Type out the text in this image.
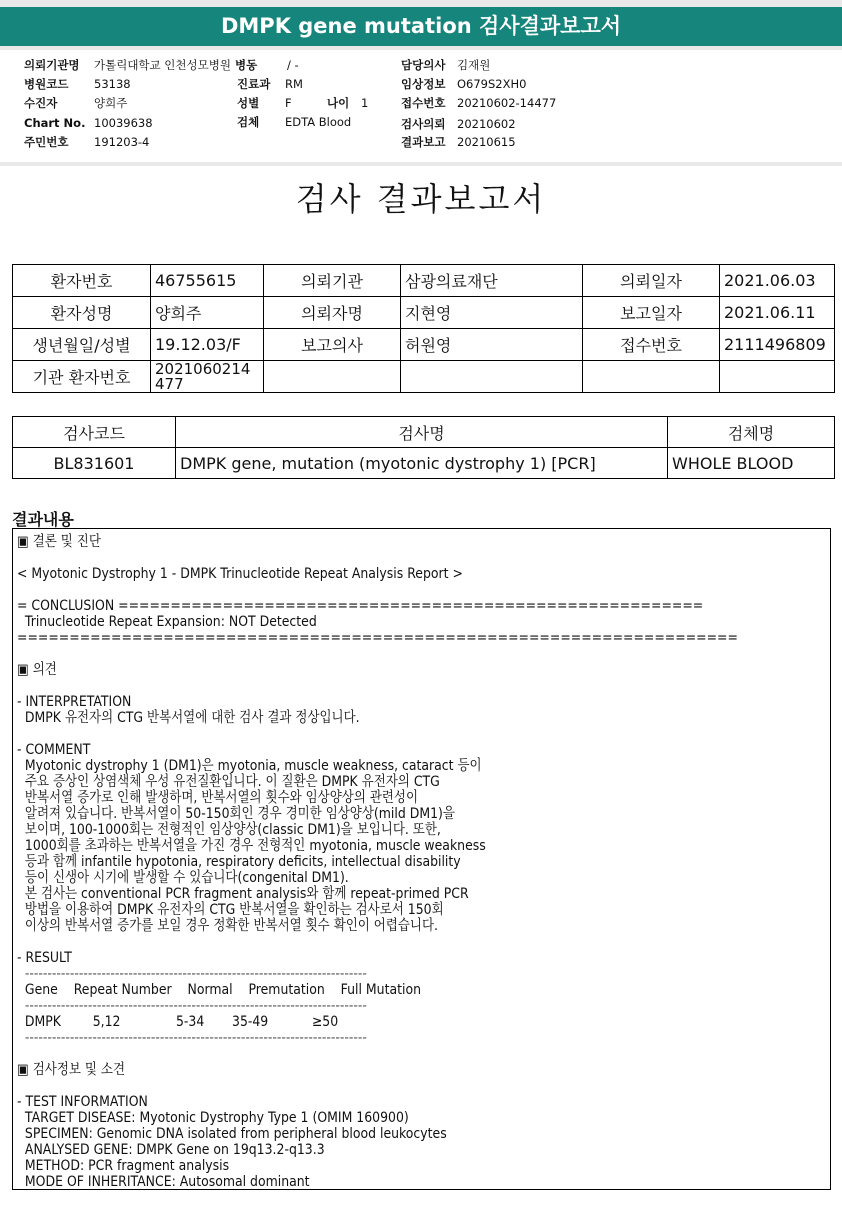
DMPK gene mutation 검사결과보고서
의뢰기관명 가톨릭대학교 인천성모병원
병원코드 53138
수진자	양희주
Chart No. 10039638
주민번호 191203-4
병동	/ -
진료과 RM
성별 F	나이 1
검체 EDTA Blood
담당의사 김재원
임상정보 O679S2XH0
접수번호 20210602-14477
검사의뢰 20210602
결과보고 20210615
검사 결과보고서
환자번호	46755615	의뢰기관	삼광의료재단	의뢰일자	2021.06.03
환자성명	양희주	의뢰자명	지현영	보고일자	2021.06.11
생년월일/성별	19.12.03/F	보고의사	허원영	접수번호	2111496809
기관 환자번호	2021060214477				
검사코드	검사명	검체명
BL831601	DMPK gene, mutation (myotonic dystrophy 1) [PCR]	WHOLE BLOOD
결과내용
▣ 결론 및 진단
< Myotonic Dystrophy 1 - DMPK Trinucleotide Repeat Analysis Report >
= CONCLUSION ========================================================
Trinucleotide Repeat Expansion: NOT Detected
=====================================================================
▣ 의견
- INTERPRETATION
DMPK 유전자의 CTG 반복서열에 대한 검사 결과 정상입니다.
- COMMENT
Myotonic dystrophy 1 (DM1)은 myotonia, muscle weakness, cataract 등이
주요 증상인 상염색체 우성 유전질환입니다. 이 질환은 DMPK 유전자의 CTG
반복서열 증가로 인해 발생하며, 반복서열의 횟수와 임상양상의 관련성이
알려져 있습니다. 반복서열이 50-150회인 경우 경미한 임상양상(mild DM1)을
보이며, 100-1000회는 전형적인 임상양상(classic DM1)을 보입니다. 또한,
1000회를 초과하는 반복서열을 가진 경우 전형적인 myotonia, muscle weakness
등과 함께 infantile hypotonia, respiratory deficits, intellectual disability
등이 신생아 시기에 발생할 수 있습니다(congenital DM1).
본 검사는 conventional PCR fragment analysis와 함께 repeat-primed PCR
방법을 이용하여 DMPK 유전자의 CTG 반복서열을 확인하는 검사로서 150회
이상의 반복서열 증가를 보일 경우 정확한 반복서열 횟수 확인이 어렵습니다.
- RESULT
----------------------------------------------------------------------------
Gene    Repeat Number    Normal    Premutation    Full Mutation
----------------------------------------------------------------------------
DMPK        5,12              5-34       35-49           ≥50
----------------------------------------------------------------------------
▣ 검사정보 및 소견
- TEST INFORMATION
TARGET DISEASE: Myotonic Dystrophy Type 1 (OMIM 160900)
SPECIMEN: Genomic DNA isolated from peripheral blood leukocytes
ANALYSED GENE: DMPK Gene on 19q13.2-q13.3
METHOD: PCR fragment analysis
MODE OF INHERITANCE: Autosomal dominant
